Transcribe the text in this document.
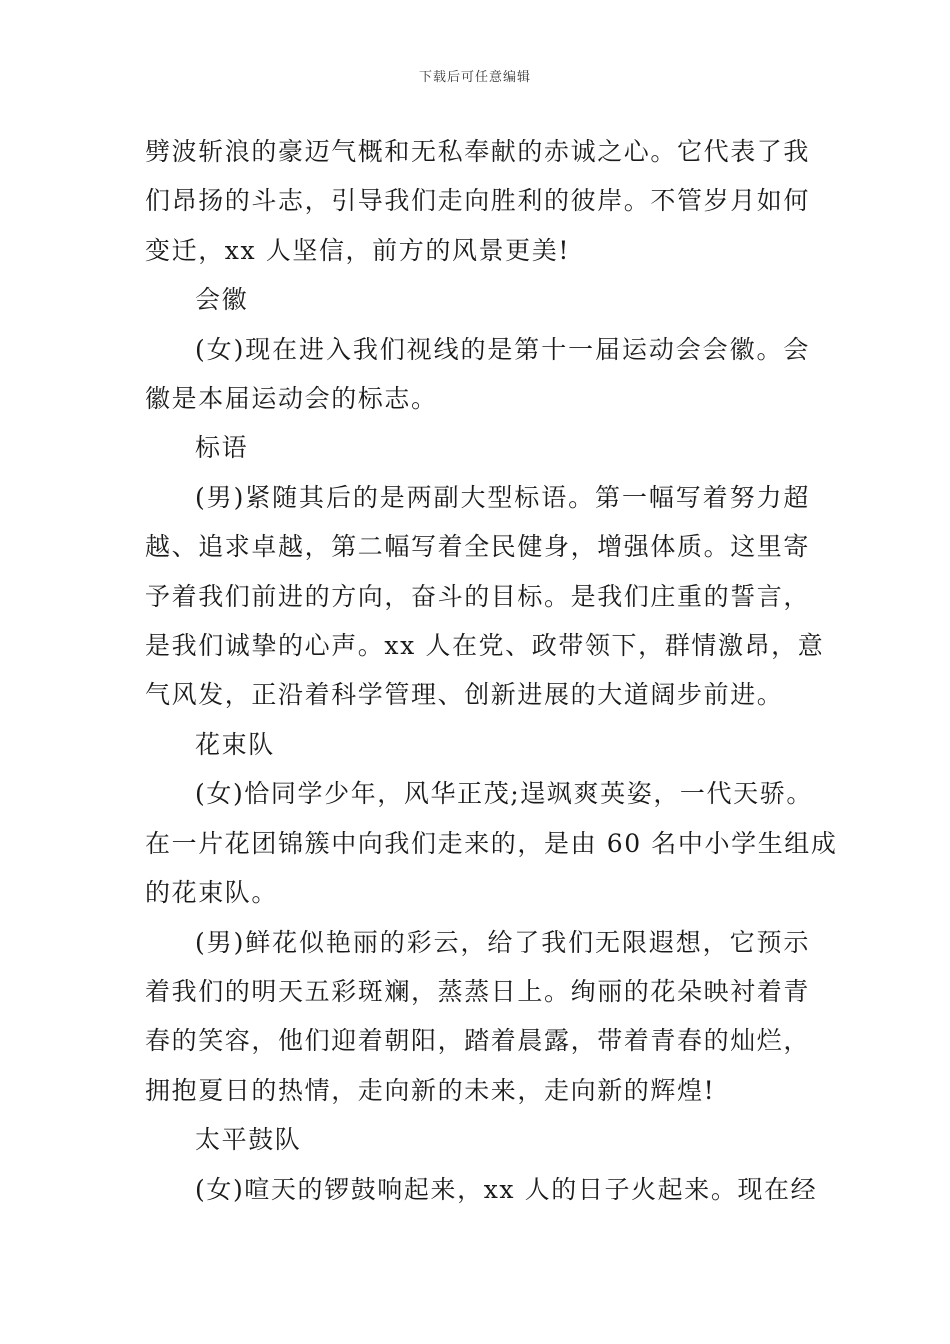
下载后可任意编辑

劈波斩浪的豪迈气概和无私奉献的赤诚之心。它代表了我
们昂扬的斗志，引导我们走向胜利的彼岸。不管岁月如何
变迁，xx 人坚信，前方的风景更美!

会徽

(女)现在进入我们视线的是第十一届运动会会徽。会
徽是本届运动会的标志。

标语

(男)紧随其后的是两副大型标语。第一幅写着努力超
越、追求卓越，第二幅写着全民健身，增强体质。这里寄
予着我们前进的方向，奋斗的目标。是我们庄重的誓言，
是我们诚挚的心声。xx 人在党、政带领下，群情激昂，意
气风发，正沿着科学管理、创新进展的大道阔步前进。

花束队

(女)恰同学少年，风华正茂;逞飒爽英姿，一代天骄。
在一片花团锦簇中向我们走来的，是由 60 名中小学生组成
的花束队。

(男)鲜花似艳丽的彩云，给了我们无限遐想，它预示
着我们的明天五彩斑斓，蒸蒸日上。绚丽的花朵映衬着青
春的笑容，他们迎着朝阳，踏着晨露，带着青春的灿烂，
拥抱夏日的热情，走向新的未来，走向新的辉煌!

太平鼓队

(女)喧天的锣鼓响起来，xx 人的日子火起来。现在经
